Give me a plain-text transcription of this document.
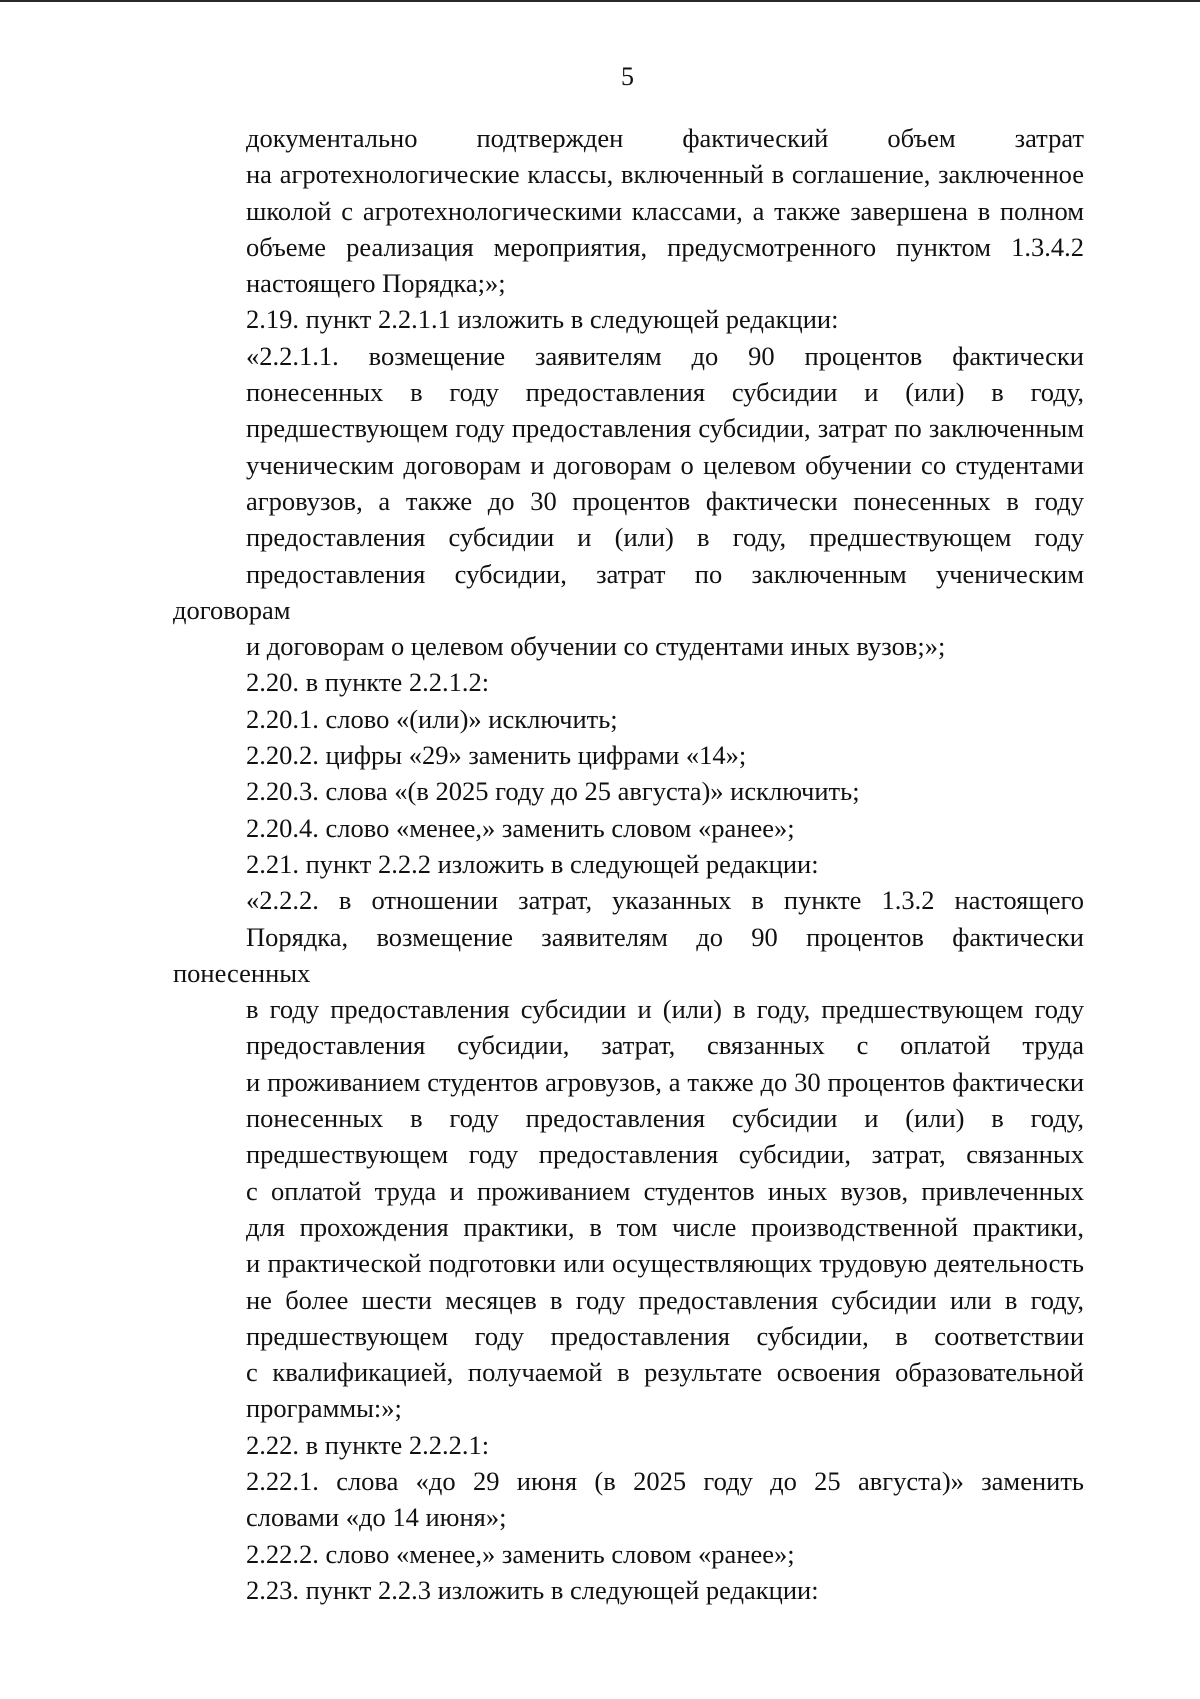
5

документально подтвержден фактический объем затрат
на агротехнологические классы, включенный в соглашение, заключенное
школой с агротехнологическими классами, а также завершена в полном
объеме реализация мероприятия, предусмотренного пунктом 1.3.4.2
настоящего Порядка;»;

2.19. пункт 2.2.1.1 изложить в следующей редакции:

«2.2.1.1. возмещение заявителям до 90 процентов фактически
понесенных в году предоставления субсидии и (или) в году,
предшествующем году предоставления субсидии, затрат по заключенным
ученическим договорам и договорам о целевом обучении со студентами
агровузов, а также до 30 процентов фактически понесенных в году
предоставления субсидии и (или) в году, предшествующем году
предоставления субсидии, затрат по заключенным ученическим договорам
и договорам о целевом обучении со студентами иных вузов;»;

2.20. в пункте 2.2.1.2:

2.20.1. слово «(или)» исключить;

2.20.2. цифры «29» заменить цифрами «14»;

2.20.3. слова «(в 2025 году до 25 августа)» исключить;

2.20.4. слово «менее,» заменить словом «ранее»;

2.21. пункт 2.2.2 изложить в следующей редакции:

«2.2.2. в отношении затрат, указанных в пункте 1.3.2 настоящего
Порядка, возмещение заявителям до 90 процентов фактически понесенных
в году предоставления субсидии и (или) в году, предшествующем году
предоставления субсидии, затрат, связанных с оплатой труда
и проживанием студентов агровузов, а также до 30 процентов фактически
понесенных в году предоставления субсидии и (или) в году,
предшествующем году предоставления субсидии, затрат, связанных
с оплатой труда и проживанием студентов иных вузов, привлеченных
для прохождения практики, в том числе производственной практики,
и практической подготовки или осуществляющих трудовую деятельность
не более шести месяцев в году предоставления субсидии или в году,
предшествующем году предоставления субсидии, в соответствии
с квалификацией, получаемой в результате освоения образовательной
программы:»;

2.22. в пункте 2.2.2.1:

2.22.1. слова «до 29 июня (в 2025 году до 25 августа)» заменить
словами «до 14 июня»;

2.22.2. слово «менее,» заменить словом «ранее»;

2.23. пункт 2.2.3 изложить в следующей редакции:
